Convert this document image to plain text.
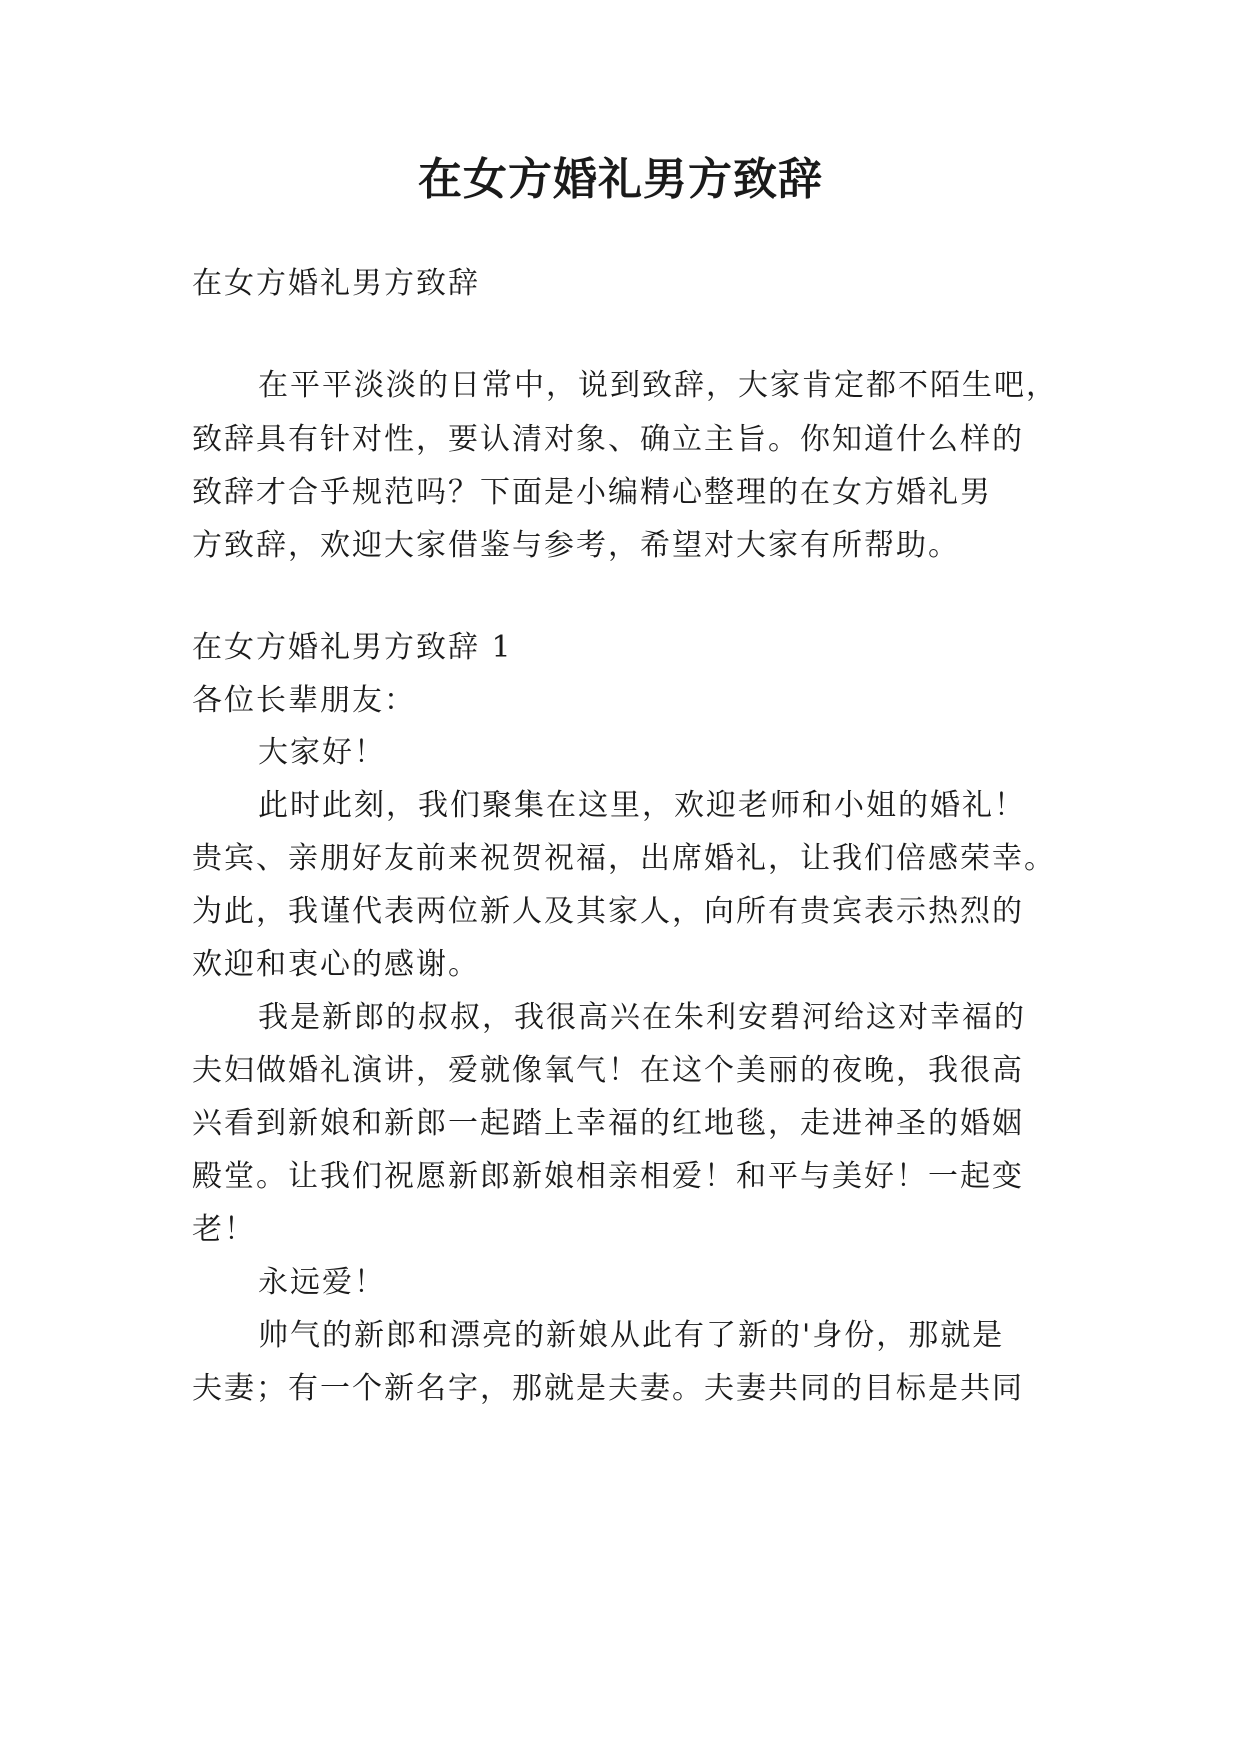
在女方婚礼男方致辞
在女方婚礼男方致辞
在平平淡淡的日常中，说到致辞，大家肯定都不陌生吧，
致辞具有针对性，要认清对象、确立主旨。你知道什么样的
致辞才合乎规范吗？下面是小编精心整理的在女方婚礼男
方致辞，欢迎大家借鉴与参考，希望对大家有所帮助。
在女方婚礼男方致辞 1
各位长辈朋友：
大家好！
此时此刻，我们聚集在这里，欢迎老师和小姐的婚礼！
贵宾、亲朋好友前来祝贺祝福，出席婚礼，让我们倍感荣幸。
为此，我谨代表两位新人及其家人，向所有贵宾表示热烈的
欢迎和衷心的感谢。
我是新郎的叔叔，我很高兴在朱利安碧河给这对幸福的
夫妇做婚礼演讲，爱就像氧气！在这个美丽的夜晚，我很高
兴看到新娘和新郎一起踏上幸福的红地毯，走进神圣的婚姻
殿堂。让我们祝愿新郎新娘相亲相爱！和平与美好！一起变
老！
永远爱！
帅气的新郎和漂亮的新娘从此有了新的'身份，那就是
夫妻；有一个新名字，那就是夫妻。夫妻共同的目标是共同
